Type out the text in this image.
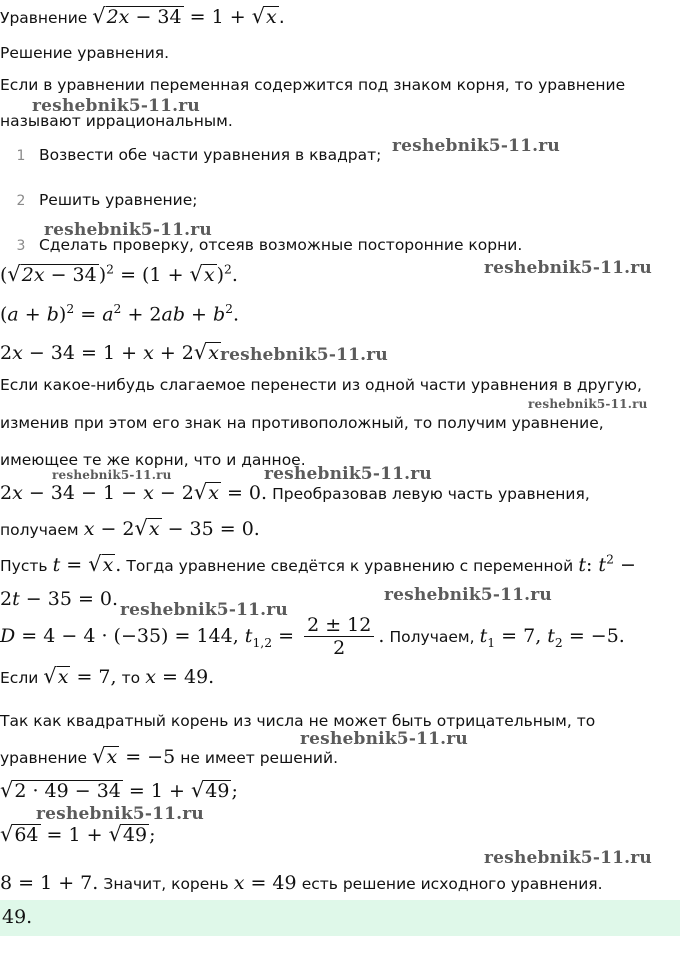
Уравнение √2x − 34 = 1 + √x .
Решение уравнения.
Если в уравнении переменная содержится под знаком корня, то уравнение
называют иррациональным.
1 Возвести обе части уравнения в квадрат;
2 Решить уравнение;
3 Сделать проверку, отсеяв возможные посторонние корни.
(√2x − 34 )$^2$ = (1 + √x )$^2$.
$(a + b)^2 = a^2 + 2ab + b^2$.
2x − 34 = 1 + x + 2√x
Если какое-нибудь слагаемое перенести из одной части уравнения в другую,
изменив при этом его знак на противоположный, то получим уравнение,
имеющее те же корни, что и данное.
2x − 34 − 1 − x − 2√x = 0. Преобразовав левую часть уравнения,
получаем x − 2√x − 35 = 0.
Пусть t = √x . Тогда уравнение сведётся к уравнению с переменной t: $t^2$ −
2t − 35 = 0.
D = 4 − 4 · (−35) = 144, $t_{1,2} = \frac{2 \pm 12}{2}$ . Получаем, $t_1 = 7$, $t_2 = -5$.
Если √x = 7, то x = 49.
Так как квадратный корень из числа не может быть отрицательным, то
уравнение √x = −5 не имеет решений.
√2 · 49 − 34 = 1 + √49 ;
√64 = 1 + √49 ;
8 = 1 + 7. Значит, корень x = 49 есть решение исходного уравнения.
49.
reshebnik5-11.ru
reshebnik5-11.ru
reshebnik5-11.ru
reshebnik5-11.ru
reshebnik5-11.ru
reshebnik5-11.ru
reshebnik5-11.ru	reshebnik5-11.ru
reshebnik5-11.ru
reshebnik5-11.ru
reshebnik5-11.ru
reshebnik5-11.ru
reshebnik5-11.ru
